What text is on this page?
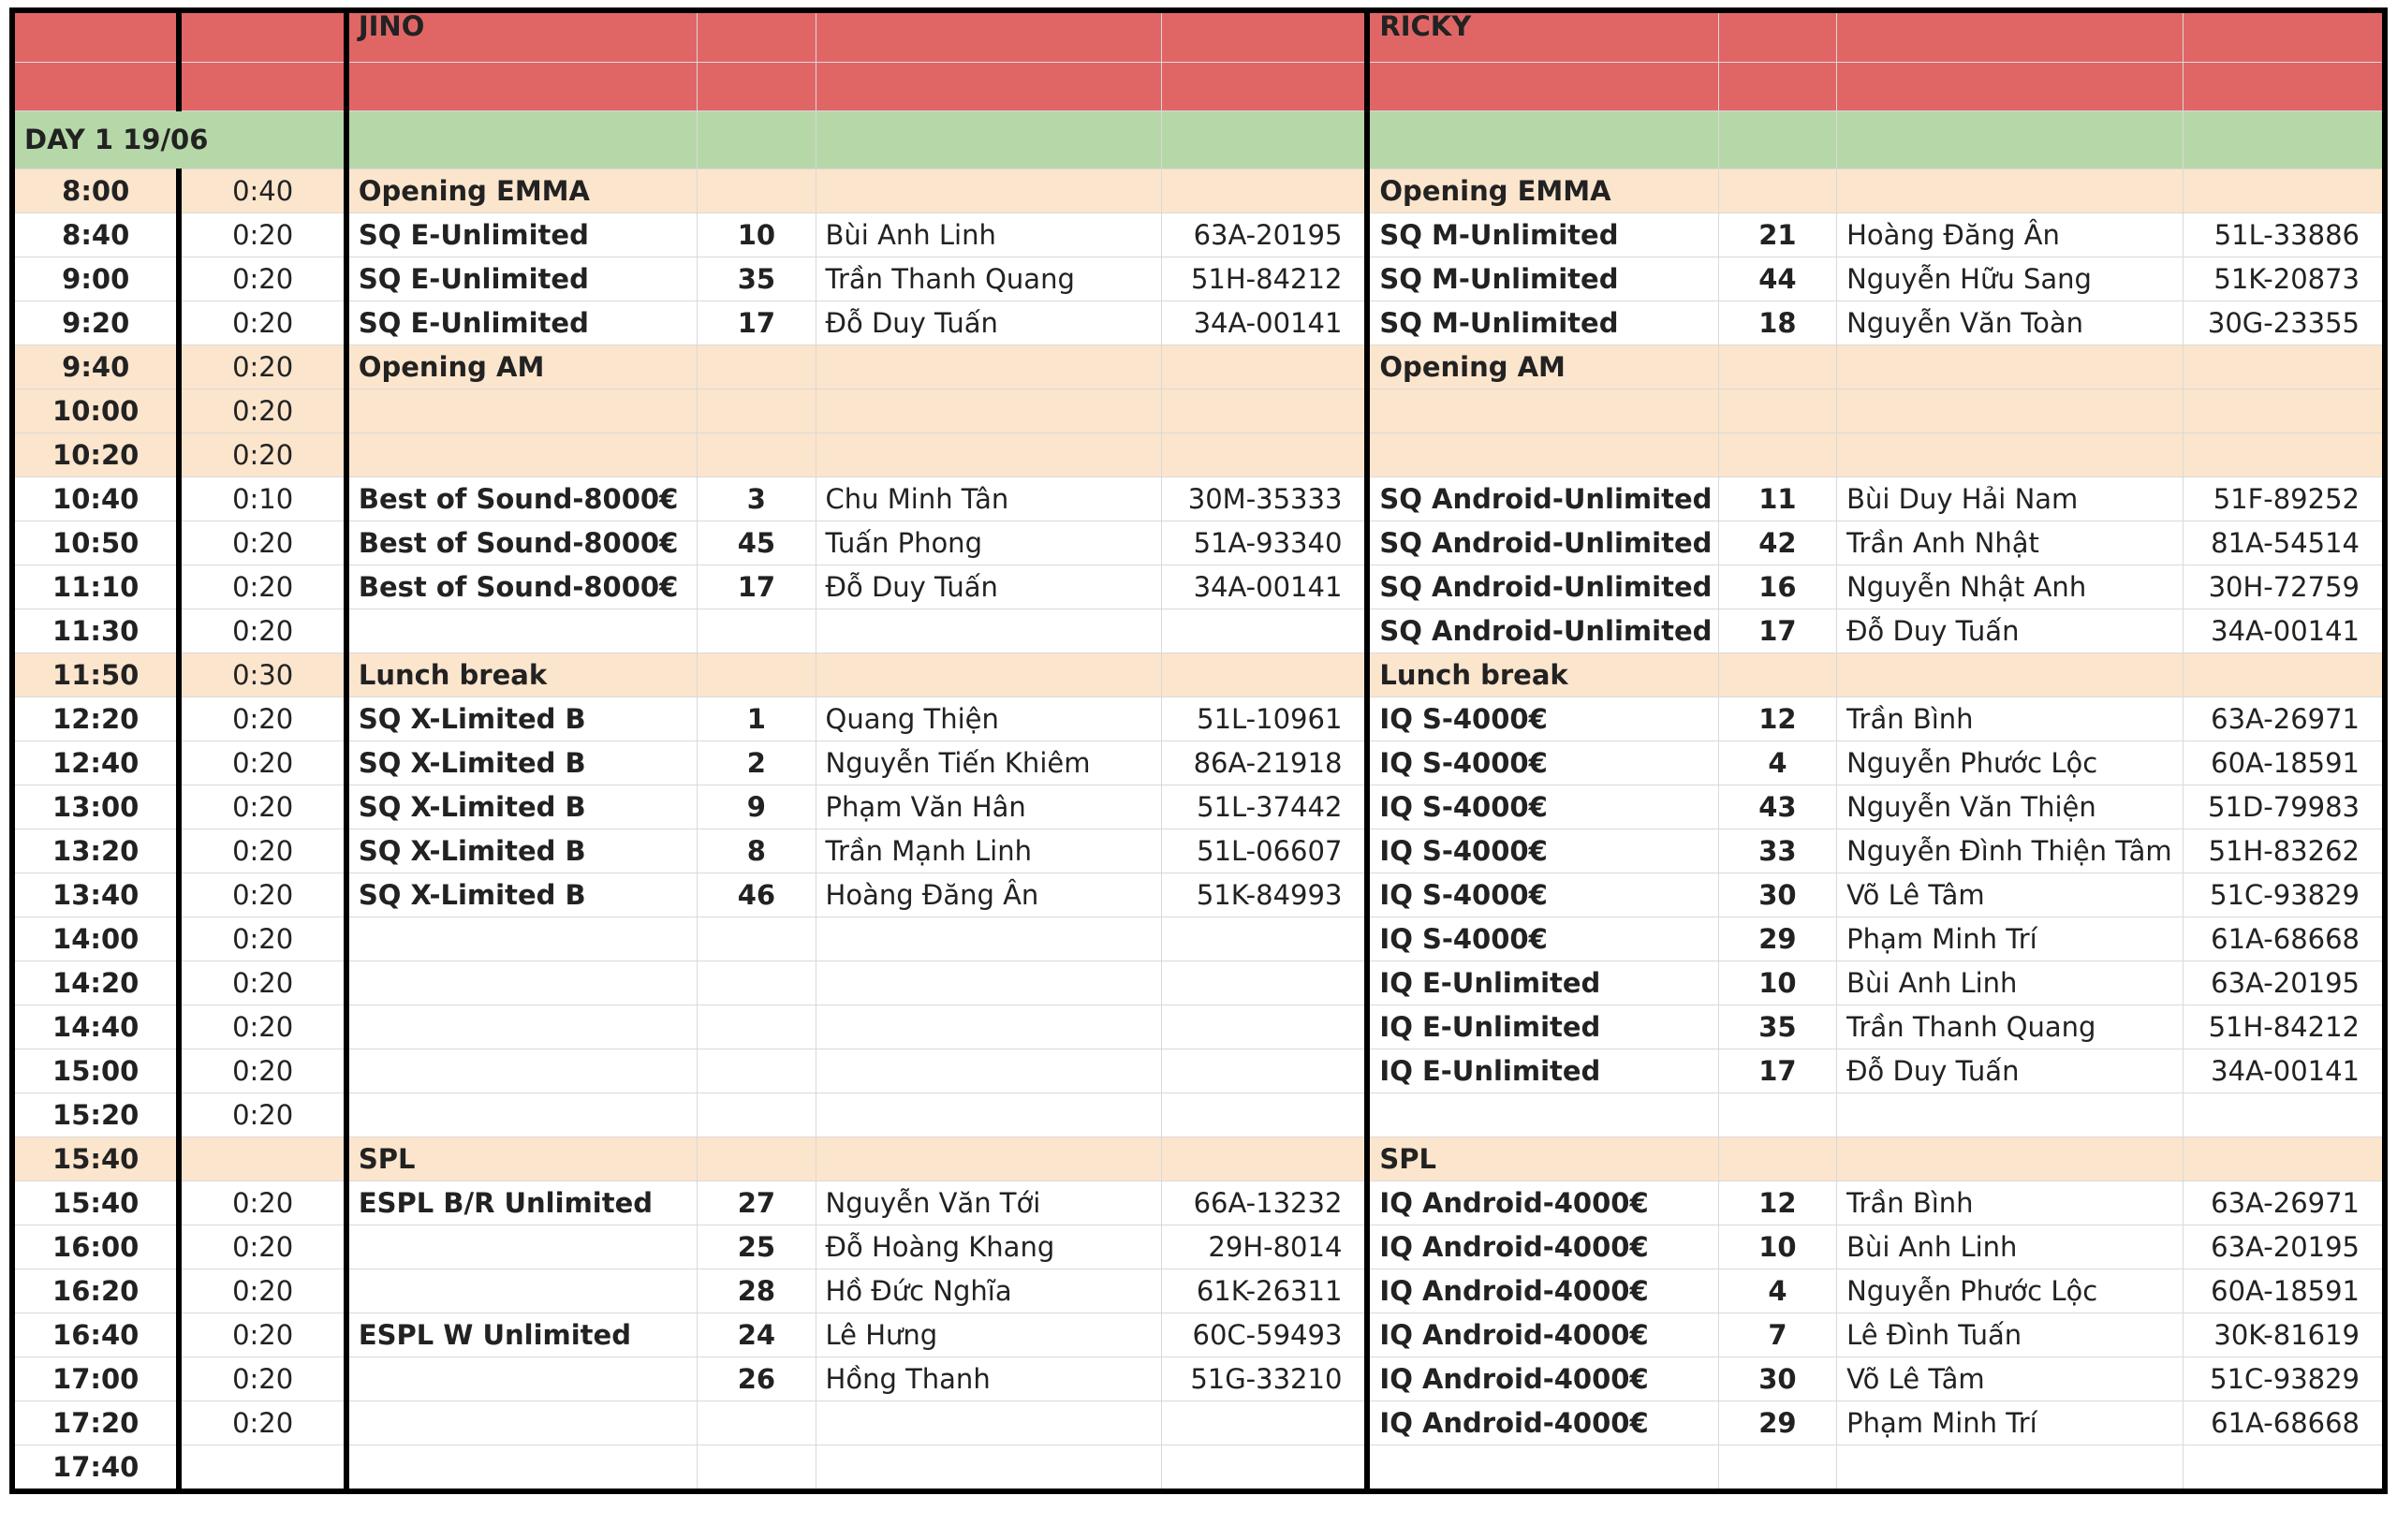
		JINO				RICKY			

DAY 1 19/06									
8:00	0:40	Opening EMMA				Opening EMMA			
8:40	0:20	SQ E-Unlimited	10	Bùi Anh Linh	63A-20195	SQ M-Unlimited	21	Hoàng Đăng Ân	51L-33886
9:00	0:20	SQ E-Unlimited	35	Trần Thanh Quang	51H-84212	SQ M-Unlimited	44	Nguyễn Hữu Sang	51K-20873
9:20	0:20	SQ E-Unlimited	17	Đỗ Duy Tuấn	34A-00141	SQ M-Unlimited	18	Nguyễn Văn Toàn	30G-23355
9:40	0:20	Opening AM				Opening AM			
10:00	0:20								
10:20	0:20								
10:40	0:10	Best of Sound-8000€	3	Chu Minh Tân	30M-35333	SQ Android-Unlimited	11	Bùi Duy Hải Nam	51F-89252
10:50	0:20	Best of Sound-8000€	45	Tuấn Phong	51A-93340	SQ Android-Unlimited	42	Trần Anh Nhật	81A-54514
11:10	0:20	Best of Sound-8000€	17	Đỗ Duy Tuấn	34A-00141	SQ Android-Unlimited	16	Nguyễn Nhật Anh	30H-72759
11:30	0:20					SQ Android-Unlimited	17	Đỗ Duy Tuấn	34A-00141
11:50	0:30	Lunch break				Lunch break			
12:20	0:20	SQ X-Limited B	1	Quang Thiện	51L-10961	IQ S-4000€	12	Trần Bình	63A-26971
12:40	0:20	SQ X-Limited B	2	Nguyễn Tiến Khiêm	86A-21918	IQ S-4000€	4	Nguyễn Phước Lộc	60A-18591
13:00	0:20	SQ X-Limited B	9	Phạm Văn Hân	51L-37442	IQ S-4000€	43	Nguyễn Văn Thiện	51D-79983
13:20	0:20	SQ X-Limited B	8	Trần Mạnh Linh	51L-06607	IQ S-4000€	33	Nguyễn Đình Thiện Tâm	51H-83262
13:40	0:20	SQ X-Limited B	46	Hoàng Đăng Ân	51K-84993	IQ S-4000€	30	Võ Lê Tâm	51C-93829
14:00	0:20					IQ S-4000€	29	Phạm Minh Trí	61A-68668
14:20	0:20					IQ E-Unlimited	10	Bùi Anh Linh	63A-20195
14:40	0:20					IQ E-Unlimited	35	Trần Thanh Quang	51H-84212
15:00	0:20					IQ E-Unlimited	17	Đỗ Duy Tuấn	34A-00141
15:20	0:20								
15:40		SPL				SPL			
15:40	0:20	ESPL B/R Unlimited	27	Nguyễn Văn Tới	66A-13232	IQ Android-4000€	12	Trần Bình	63A-26971
16:00	0:20		25	Đỗ Hoàng Khang	29H-8014	IQ Android-4000€	10	Bùi Anh Linh	63A-20195
16:20	0:20		28	Hồ Đức Nghĩa	61K-26311	IQ Android-4000€	4	Nguyễn Phước Lộc	60A-18591
16:40	0:20	ESPL W Unlimited	24	Lê Hưng	60C-59493	IQ Android-4000€	7	Lê Đình Tuấn	30K-81619
17:00	0:20		26	Hồng Thanh	51G-33210	IQ Android-4000€	30	Võ Lê Tâm	51C-93829
17:20	0:20					IQ Android-4000€	29	Phạm Minh Trí	61A-68668
17:40									
